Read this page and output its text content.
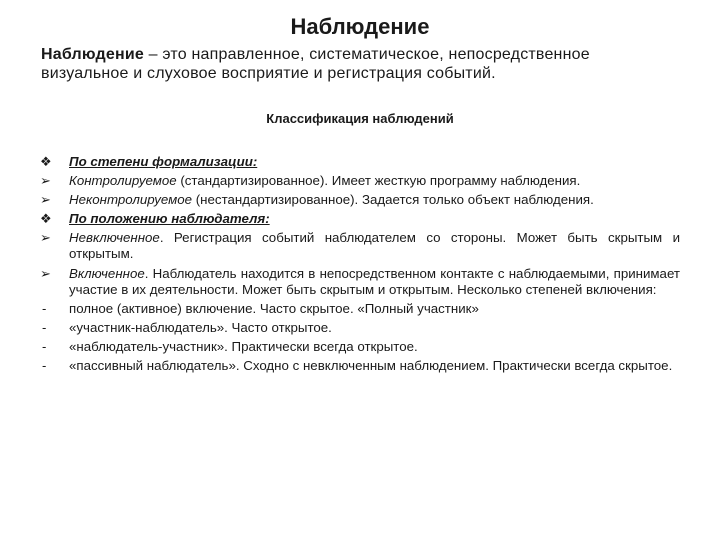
Наблюдение
Наблюдение – это направленное, систематическое, непосредственное визуальное и слуховое восприятие и регистрация событий.
Классификация наблюдений
❖	По степени формализации:
➢	Контролируемое (стандартизированное). Имеет жесткую программу наблюдения.
➢	Неконтролируемое (нестандартизированное). Задается только объект наблюдения.
❖	По положению наблюдателя:
➢	Невключенное. Регистрация событий наблюдателем со стороны. Может быть скрытым и открытым.
➢	Включенное. Наблюдатель находится в непосредственном контакте с наблюдаемыми, принимает участие в их деятельности. Может быть скрытым и открытым. Несколько степеней включения:
-	полное (активное) включение. Часто скрытое. «Полный участник»
-	«участник-наблюдатель». Часто открытое.
-	«наблюдатель-участник». Практически всегда открытое.
-	«пассивный наблюдатель». Сходно с невключенным наблюдением. Практически всегда скрытое.
